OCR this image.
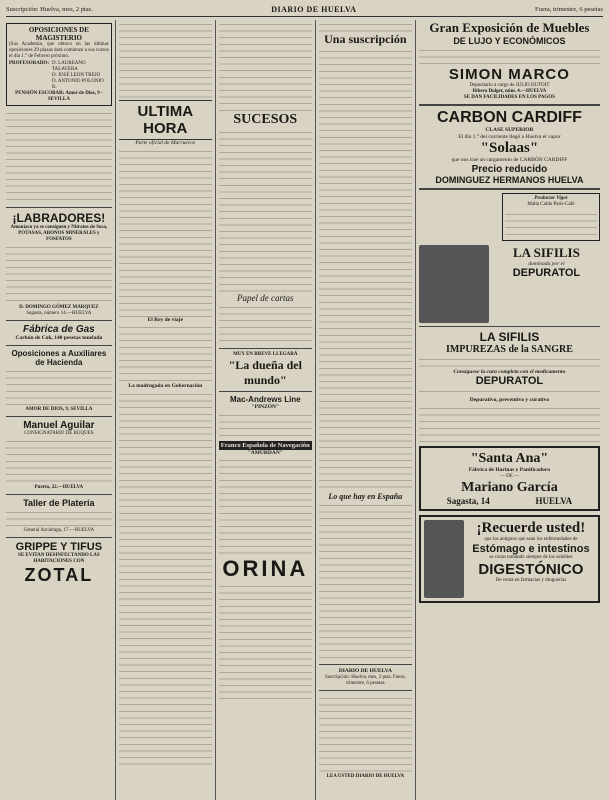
Suscripción: Huelva, mes, 2 ptas.	DIARIO DE HUELVA	Fuera, trimestre, 6 pesetas
OPOSICIONES DE MAGISTERIO
(Sus Academia, que obtuvo en las últimas oposiciones 29 plazas dará comienzo a sus cursos el día 1.° de Febrero próximo.
PROFESORADO: D. LAUREANO TALAVERA
D. JOSÉ LEON TREJO
D. ANTONIO POLONIO R.
PENSIÓN ESCOBAR: Amor de Dios, 9 - SEVILLA
¡LABRADORES!
Amoníaco ya se consiguen y Nitratos de Sosa, POTASAS, ABONOS MINERALES y FOSFATOS
D. DOMINGO GÓMEZ MARQUEZ
Sagasta, número 14.—HUELVA
Fábrica de Gas
Carbón de Cok, 140 pesetas tonelada
Oposiciones a Auxiliares de Hacienda
AMOR DE DIOS, 9, SEVILLA
Manuel Aguilar
CONSIGNATARIO DE BUQUES
Puerto, 22.—HUELVA
Taller de Platería
General Azcárraga, 17.—HUELVA
GRIPPE Y TIFUS
SE EVITAN DESINFECTANDO LAS HABITACIONES CON
ZOTAL
ULTIMA HORA
Parte oficial de Marruecos
El Rey de viaje
La madrugada en Gobernación
SUCESOS
Papel de cartas
MUY EN BREVE LLEGARÁ
"La dueña del mundo"
Mac-Andrews Line
"PINZÓN"
Franco Española de Navegación
"AMURDAN"
ORINA
Una suscripción
Lo que hay en España
DIARIO DE HUELVA
Suscripción: Huelva, mes, 2 ptas. Fuera, trimestre, 6 pesetas
LEA USTED DIARIO DE HUELVA
Gran Exposición de Muebles
DE LUJO Y ECONÓMICOS
SIMON MARCO
Depositario a cargo de JULIO DUTOIT
Ribera Dolger, núm. 4.—HUELVA
SE DAN FACILIDADES EN LOS PAGOS
CARBON CARDIFF
CLASE SUPERIOR
El día 1.° del corriente llegó a Huelva el vapor
"Solaas"
que nos trae un cargamento de CARBÓN CARDIFF
Precio reducido
DOMINGUEZ HERMANOS HUELVA
Productor Vigor
Malta Caldo Paris-Café
LA SIFILIS
dominada por el
DEPURATOL
LA SIFILIS
IMPUREZAS de la SANGRE
Consíguese la cura completa con el medicamento
DEPURATOL
Depurativo, preventivo y curativo
"Santa Ana"
Fábrica de Harinas y Panificadora
— DE —
Mariano García
Sagasta, 14	HUELVA
¡Recuerde usted!
que los antiguos que sean los enfermedades de
Estómago e intestinos
se curan tomando siempre de los solubles
DIGESTÓNICO
De venta en farmacias y droguerías
